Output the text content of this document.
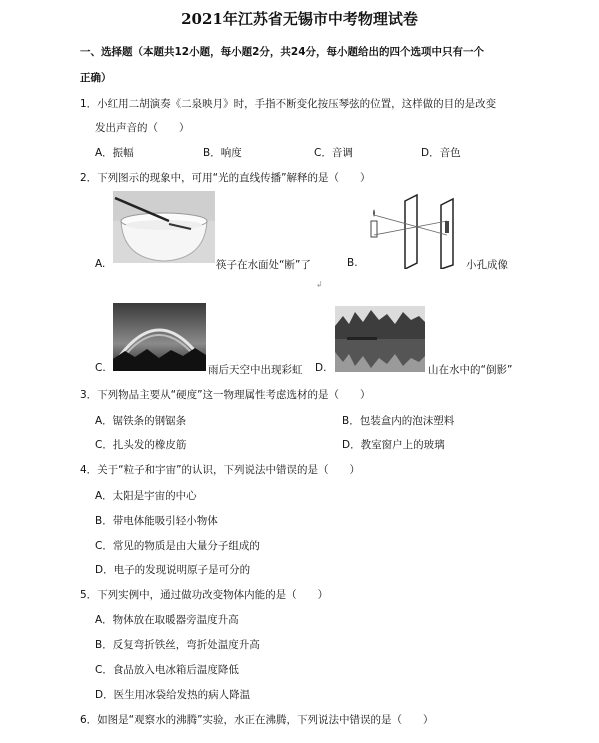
2021年江苏省无锡市中考物理试卷
一、选择题（本题共12小题，每小题2分，共24分，每小题给出的四个选项中只有一个
正确）
1．小红用二胡演奏《二泉映月》时，手指不断变化按压琴弦的位置，这样做的目的是改变
发出声音的（　　）
A．振幅	B．响度	C．音调	D．音色
2．下列图示的现象中，可用“光的直线传播”解释的是（　　）
A.	筷子在水面处“断”了	B.	小孔成像
↲
C.	雨后天空中出现彩虹 D.	山在水中的“倒影”
3．下列物品主要从“硬度”这一物理属性考虑选材的是（　　）
A．锯铁条的钢锯条	B．包装盒内的泡沫塑料
C．扎头发的橡皮筋	D．教室窗户上的玻璃
4．关于“粒子和宇宙”的认识，下列说法中错误的是（　　）
A．太阳是宇宙的中心
B．带电体能吸引轻小物体
C．常见的物质是由大量分子组成的
D．电子的发现说明原子是可分的
5．下列实例中，通过做功改变物体内能的是（　　）
A．物体放在取暖器旁温度升高
B．反复弯折铁丝，弯折处温度升高
C．食品放入电冰箱后温度降低
D．医生用冰袋给发热的病人降温
6．如图是“观察水的沸腾”实验，水正在沸腾，下列说法中错误的是（　　）
